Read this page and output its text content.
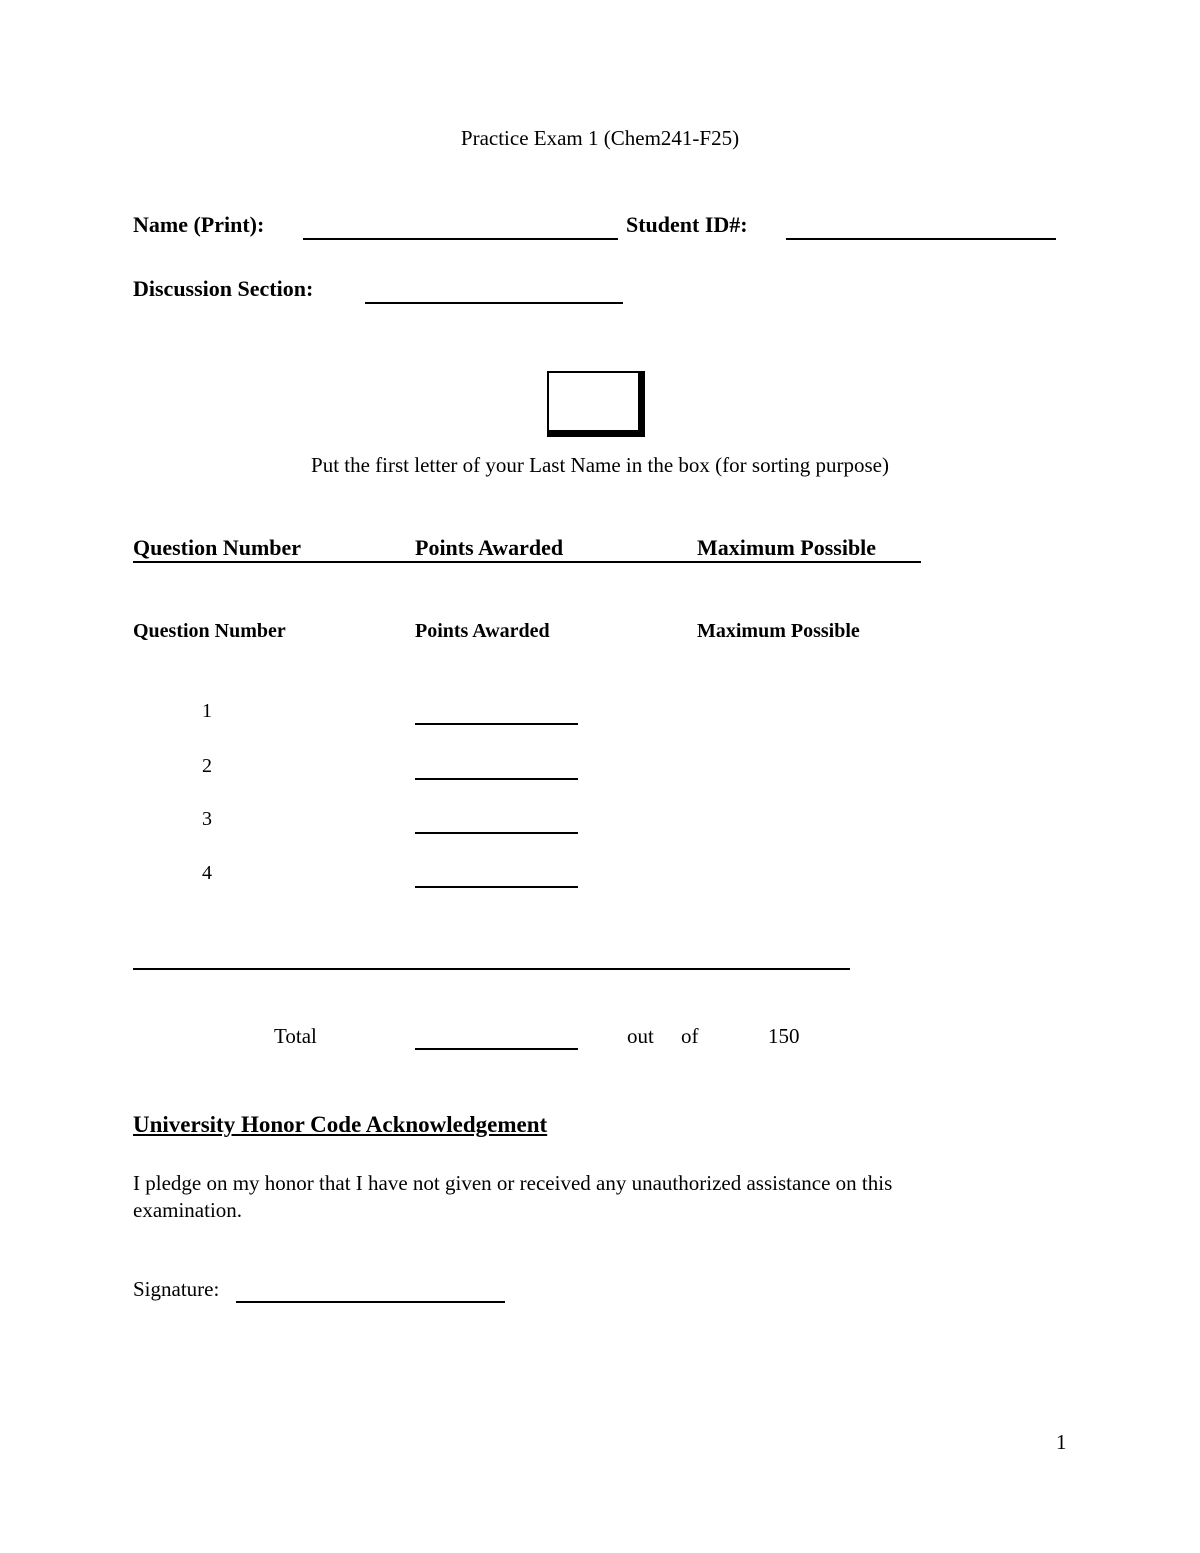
Practice Exam 1 (Chem241-F25)
Name (Print):	Student ID#:
Discussion Section:
Put the first letter of your Last Name in the box (for sorting purpose)
Question Number	Points Awarded	Maximum Possible
Question Number	Points Awarded	Maximum Possible
1
2
3
4
Total	out of	150
University Honor Code Acknowledgement
I pledge on my honor that I have not given or received any unauthorized assistance on this examination.
Signature:
1
